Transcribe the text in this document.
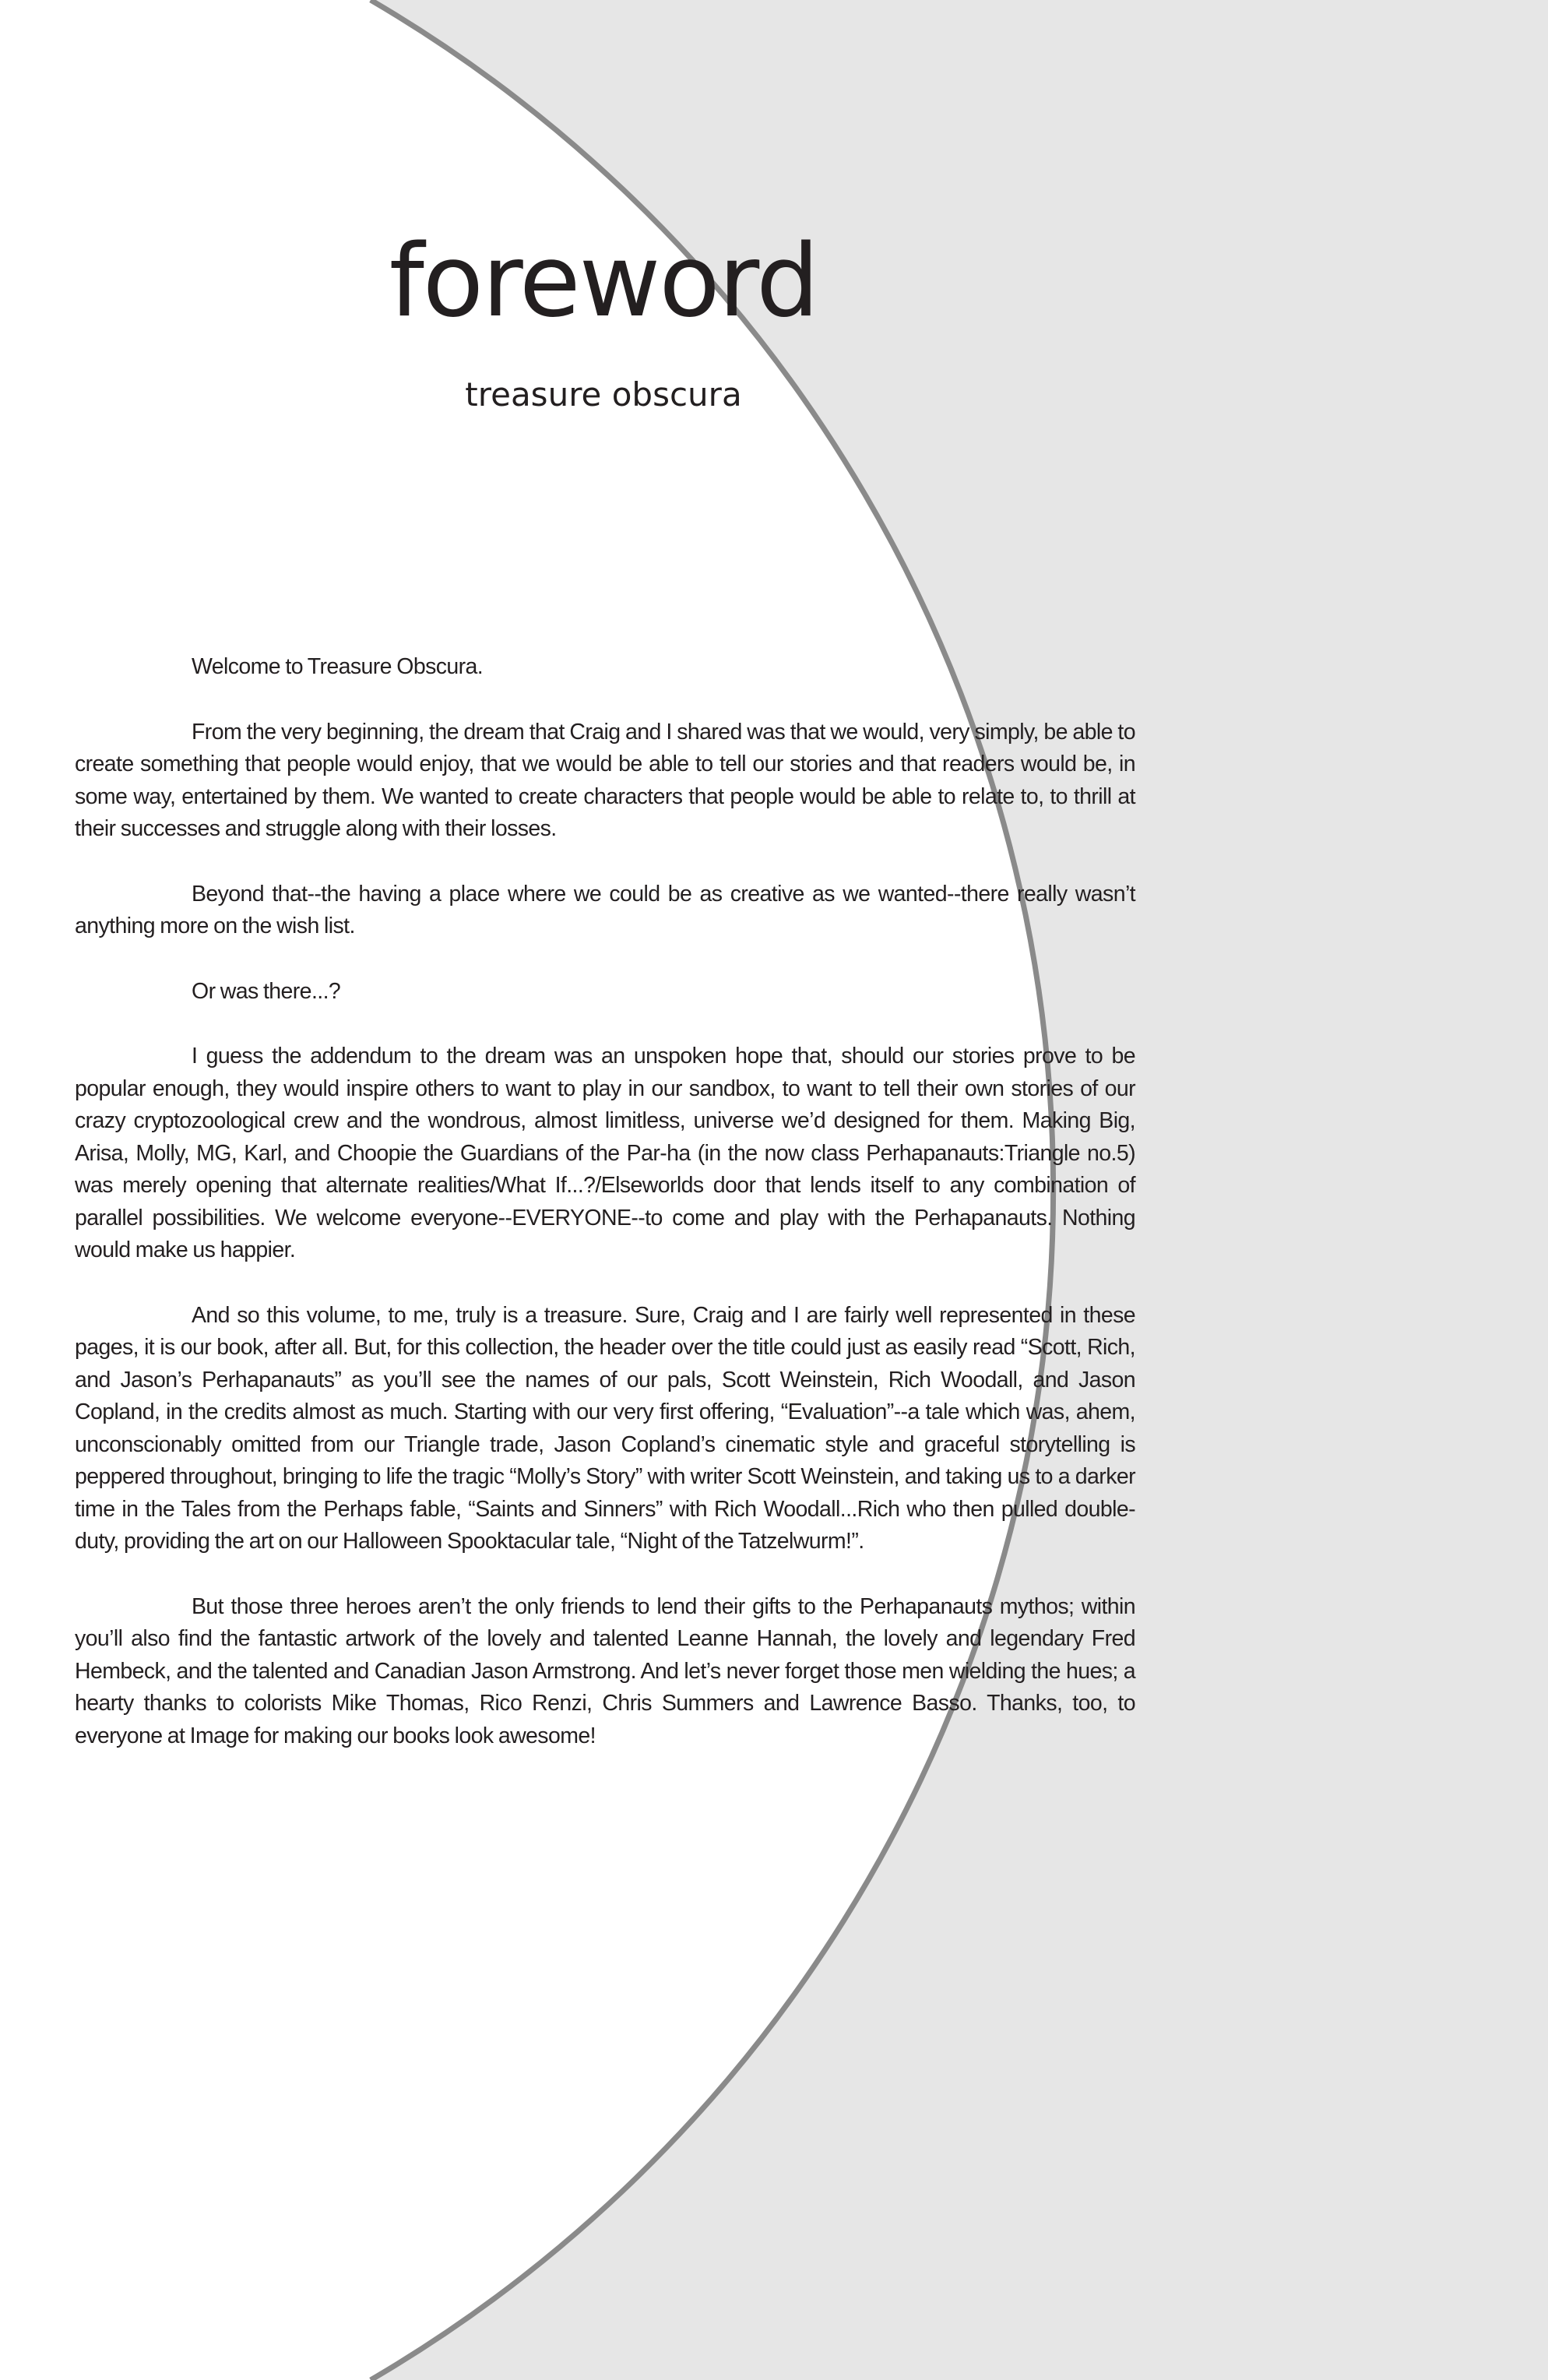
foreword
treasure obscura

Welcome to Treasure Obscura.

From the very beginning, the dream that Craig and I shared was that we would, very simply, be able to create something that people would enjoy, that we would be able to tell our stories and that readers would be, in some way, entertained by them. We wanted to create characters that people would be able to relate to, to thrill at their successes and struggle along with their losses.

Beyond that--the having a place where we could be as creative as we wanted--there really wasn’t anything more on the wish list.

Or was there...?

I guess the addendum to the dream was an unspoken hope that, should our stories prove to be popular enough, they would inspire others to want to play in our sandbox, to want to tell their own stories of our crazy cryptozoological crew and the wondrous, almost limitless, universe we’d designed for them. Making Big, Arisa, Molly, MG, Karl, and Choopie the Guardians of the Par-ha (in the now class Perhapanauts:Triangle no.5) was merely opening that alternate realities/What If...?/Elseworlds door that lends itself to any combination of parallel possibilities. We welcome everyone--EVERYONE--to come and play with the Perhapanauts. Nothing would make us happier.

And so this volume, to me, truly is a treasure. Sure, Craig and I are fairly well represented in these pages, it is our book, after all. But, for this collection, the header over the title could just as easily read “Scott, Rich, and Jason’s Perhapanauts” as you’ll see the names of our pals, Scott Weinstein, Rich Woodall, and Jason Copland, in the credits almost as much. Starting with our very first offering, “Evaluation”--a tale which was, ahem, unconscionably omitted from our Triangle trade, Jason Copland’s cinematic style and graceful storytelling is peppered throughout, bringing to life the tragic “Molly’s Story” with writer Scott Weinstein, and taking us to a darker time in the Tales from the Perhaps fable, “Saints and Sinners” with Rich Woodall...Rich who then pulled double-duty, providing the art on our Halloween Spooktacular tale, “Night of the Tatzelwurm!”.

But those three heroes aren’t the only friends to lend their gifts to the Perhapanauts mythos; within you’ll also find the fantastic artwork of the lovely and talented Leanne Hannah, the lovely and legendary Fred Hembeck, and the talented and Canadian Jason Armstrong. And let’s never forget those men wielding the hues; a hearty thanks to colorists Mike Thomas, Rico Renzi, Chris Summers and Lawrence Basso. Thanks, too, to everyone at Image for making our books look awesome!
